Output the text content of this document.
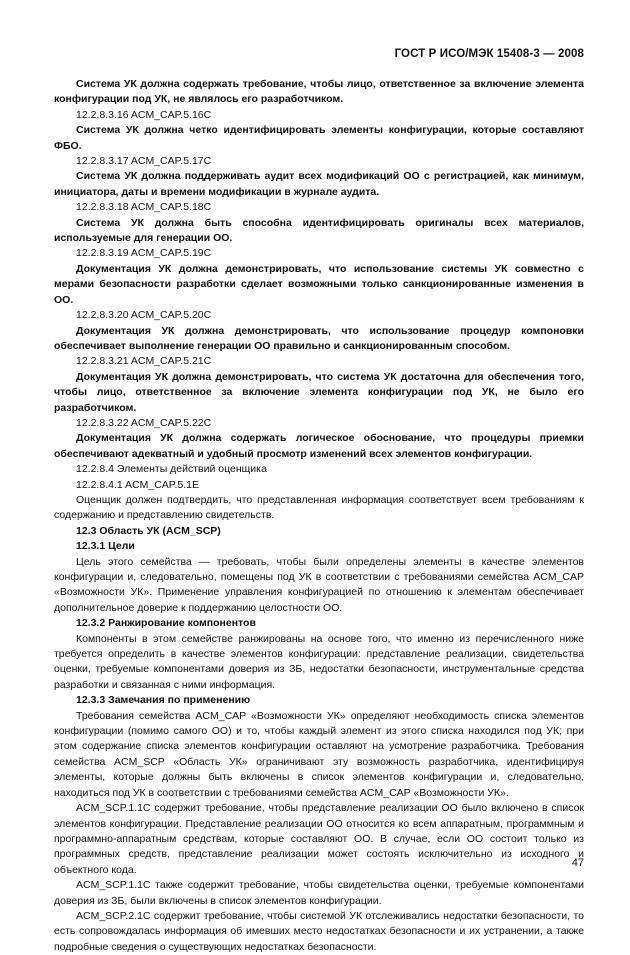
ГОСТ Р ИСО/МЭК 15408-3 — 2008

Система УК должна содержать требование, чтобы лицо, ответственное за включение элемента конфигурации под УК, не являлось его разработчиком.

12.2.8.3.16 ACM_CAP.5.16C

Система УК должна четко идентифицировать элементы конфигурации, которые составляют ФБО.

12.2.8.3.17 ACM_CAP.5.17C

Система УК должна поддерживать аудит всех модификаций ОО с регистрацией, как минимум, инициатора, даты и времени модификации в журнале аудита.

12.2.8.3.18 ACM_CAP.5.18C

Система УК должна быть способна идентифицировать оригиналы всех материалов, используемые для генерации ОО.

12.2.8.3.19 ACM_CAP.5.19C

Документация УК должна демонстрировать, что использование системы УК совместно с мерами безопасности разработки сделает возможными только санкционированные изменения в ОО.

12.2.8.3.20 ACM_CAP.5.20C

Документация УК должна демонстрировать, что использование процедур компоновки обеспечивает выполнение генерации ОО правильно и санкционированным способом.

12.2.8.3.21 ACM_CAP.5.21C

Документация УК должна демонстрировать, что система УК достаточна для обеспечения того, чтобы лицо, ответственное за включение элемента конфигурации под УК, не было его разработчиком.

12.2.8.3.22 ACM_CAP.5.22C

Документация УК должна содержать логическое обоснование, что процедуры приемки обеспечивают адекватный и удобный просмотр изменений всех элементов конфигурации.

12.2.8.4 Элементы действий оценщика

12.2.8.4.1 ACM_CAP.5.1E

Оценщик должен подтвердить, что представленная информация соответствует всем требованиям к содержанию и представлению свидетельств.

12.3 Область УК (ACM_SCP)

12.3.1 Цели

Цель этого семейства — требовать, чтобы были определены элементы в качестве элементов конфигурации и, следовательно, помещены под УК в соответствии с требованиями семейства ACM_CAP «Возможности УК». Применение управления конфигурацией по отношению к элементам обеспечивает дополнительное доверие к поддержанию целостности ОО.

12.3.2 Ранжирование компонентов

Компоненты в этом семействе ранжированы на основе того, что именно из перечисленного ниже требуется определить в качестве элементов конфигурации: представление реализации, свидетельства оценки, требуемые компонентами доверия из ЗБ, недостатки безопасности, инструментальные средства разработки и связанная с ними информация.

12.3.3 Замечания по применению

Требования семейства ACM_CAP «Возможности УК» определяют необходимость списка элементов конфигурации (помимо самого ОО) и то, чтобы каждый элемент из этого списка находился под УК; при этом содержание списка элементов конфигурации оставляют на усмотрение разработчика. Требования семейства ACM_SCP «Область УК» ограничивают эту возможность разработчика, идентифицируя элементы, которые должны быть включены в список элементов конфигурации и, следовательно, находиться под УК в соответствии с требованиями семейства ACM_CAP «Возможности УК».

ACM_SCP.1.1C содержит требование, чтобы представление реализации ОО было включено в список элементов конфигурации. Представление реализации ОО относится ко всем аппаратным, программным и программно-аппаратным средствам, которые составляют ОО. В случае, если ОО состоит только из программных средств, представление реализации может состоять исключительно из исходного и объектного кода.

ACM_SCP.1.1C также содержит требование, чтобы свидетельства оценки, требуемые компонентами доверия из ЗБ, были включены в список элементов конфигурации.

ACM_SCP.2.1C содержит требование, чтобы системой УК отслеживались недостатки безопасности, то есть сопровождалась информация об имевших место недостатках безопасности и их устранении, а также подробные сведения о существующих недостатках безопасности.

47
